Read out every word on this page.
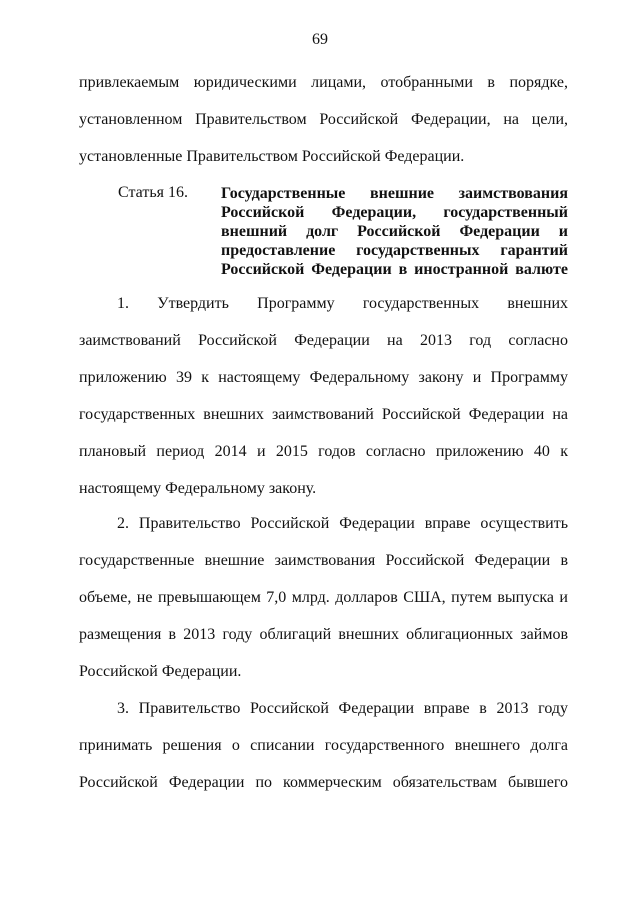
69
привлекаемым юридическими лицами, отобранными в порядке,
установленном Правительством Российской Федерации, на цели,
установленные Правительством Российской Федерации.
Статья 16. Государственные внешние заимствования
Российской Федерации, государственный
внешний долг Российской Федерации и
предоставление государственных гарантий
Российской Федерации в иностранной валюте
1. Утвердить Программу государственных внешних
заимствований Российской Федерации на 2013 год согласно
приложению 39 к настоящему Федеральному закону и Программу
государственных внешних заимствований Российской Федерации на
плановый период 2014 и 2015 годов согласно приложению 40 к
настоящему Федеральному закону.
2. Правительство Российской Федерации вправе осуществить
государственные внешние заимствования Российской Федерации в
объеме, не превышающем 7,0 млрд. долларов США, путем выпуска и
размещения в 2013 году облигаций внешних облигационных займов
Российской Федерации.
3. Правительство Российской Федерации вправе в 2013 году
принимать решения о списании государственного внешнего долга
Российской Федерации по коммерческим обязательствам бывшего
